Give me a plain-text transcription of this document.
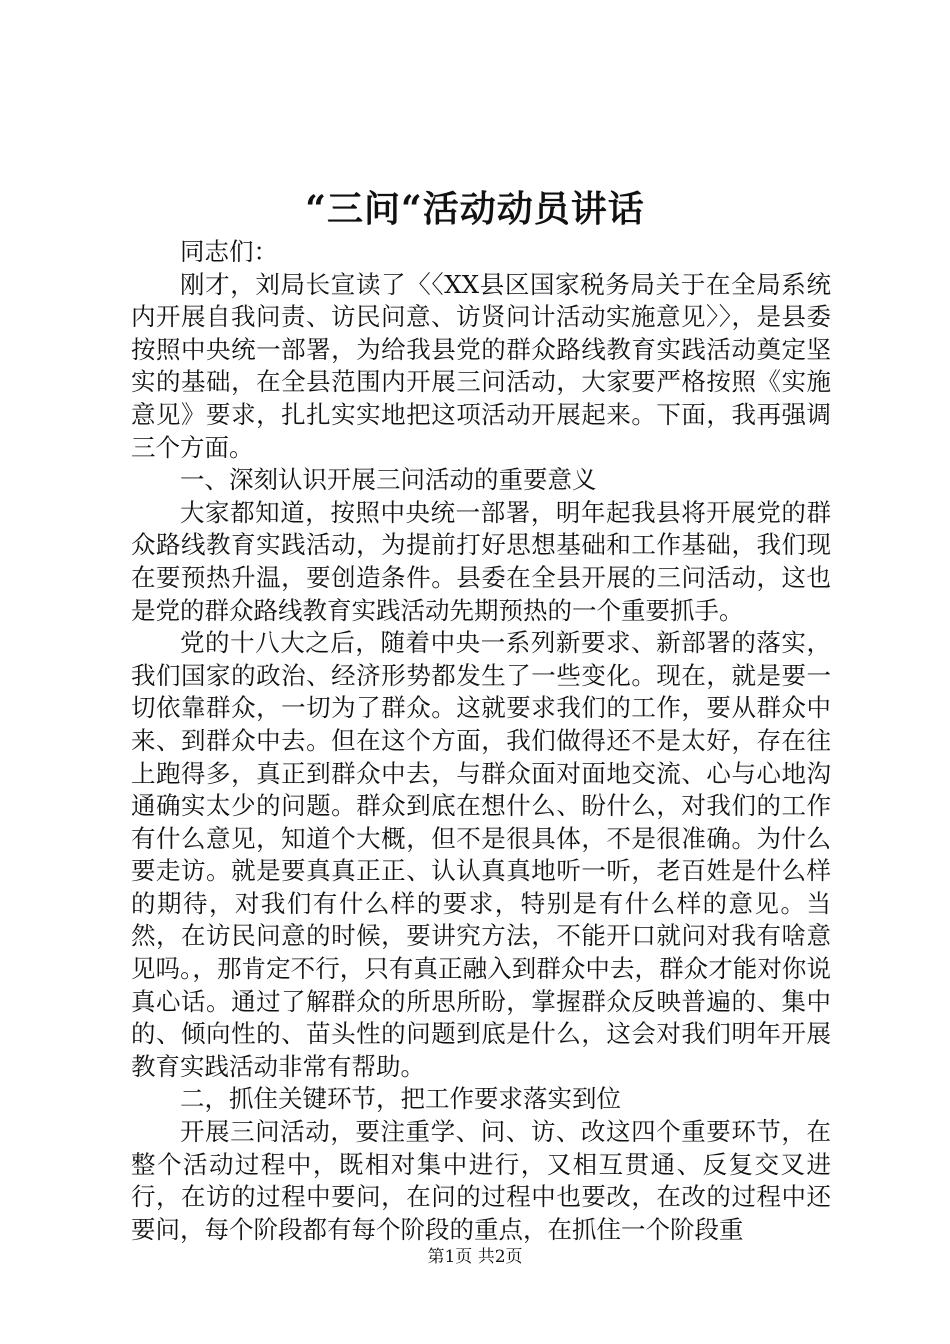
“三问“活动动员讲话

同志们：

刚才，刘局长宣读了〈〈XX县区国家税务局关于在全局系统内开展自我问责、访民问意、访贤问计活动实施意见〉〉，是县委按照中央统一部署，为给我县党的群众路线教育实践活动奠定坚实的基础，在全县范围内开展三问活动，大家要严格按照《实施意见》要求，扎扎实实地把这项活动开展起来。下面，我再强调三个方面。

一、深刻认识开展三问活动的重要意义

大家都知道，按照中央统一部署，明年起我县将开展党的群众路线教育实践活动，为提前打好思想基础和工作基础，我们现在要预热升温，要创造条件。县委在全县开展的三问活动，这也是党的群众路线教育实践活动先期预热的一个重要抓手。

党的十八大之后，随着中央一系列新要求、新部署的落实，我们国家的政治、经济形势都发生了一些变化。现在，就是要一切依靠群众，一切为了群众。这就要求我们的工作，要从群众中来、到群众中去。但在这个方面，我们做得还不是太好，存在往上跑得多，真正到群众中去，与群众面对面地交流、心与心地沟通确实太少的问题。群众到底在想什么、盼什么，对我们的工作有什么意见，知道个大概，但不是很具体，不是很准确。为什么要走访。就是要真真正正、认认真真地听一听，老百姓是什么样的期待，对我们有什么样的要求，特别是有什么样的意见。当然，在访民问意的时候，要讲究方法，不能开口就问对我有啥意见吗。，那肯定不行，只有真正融入到群众中去，群众才能对你说真心话。通过了解群众的所思所盼，掌握群众反映普遍的、集中的、倾向性的、苗头性的问题到底是什么，这会对我们明年开展教育实践活动非常有帮助。

二，抓住关键环节，把工作要求落实到位

开展三问活动，要注重学、问、访、改这四个重要环节，在整个活动过程中，既相对集中进行，又相互贯通、反复交叉进行，在访的过程中要问，在问的过程中也要改，在改的过程中还要问，每个阶段都有每个阶段的重点，在抓住一个阶段重

第1页 共2页
